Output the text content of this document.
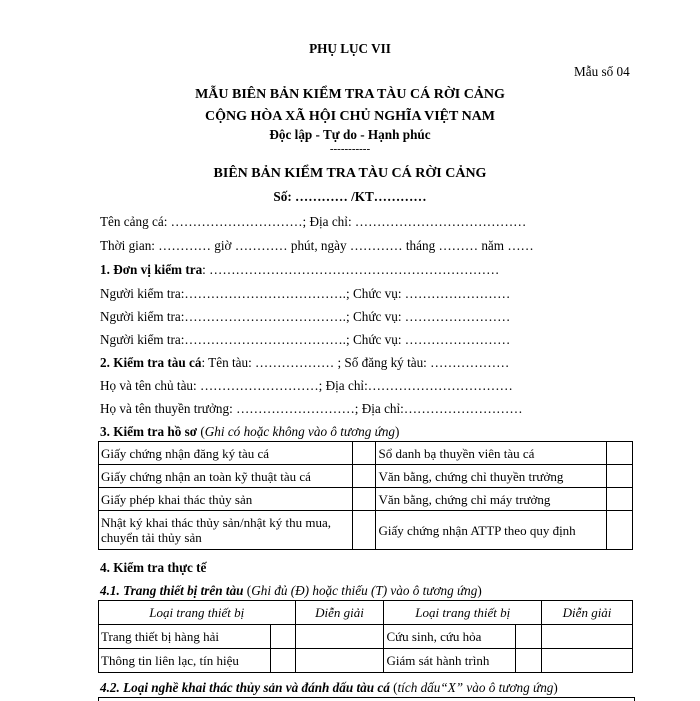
PHỤ LỤC VII
Mẫu số 04
MẪU BIÊN BẢN KIỂM TRA TÀU CÁ RỜI CẢNG
CỘNG HÒA XÃ HỘI CHỦ NGHĨA VIỆT NAM
Độc lập - Tự do - Hạnh phúc
-----------
BIÊN BẢN KIỂM TRA TÀU CÁ RỜI CẢNG
Số: ………… /KT…………
Tên cảng cá: …………………………; Địa chỉ: …………………………………
Thời gian: ………… giờ ………… phút, ngày ………… tháng ……… năm ……
1. Đơn vị kiểm tra: …………………………………………………………
Người kiểm tra:……………………………….; Chức vụ: ……………………
Người kiểm tra:……………………………….; Chức vụ: ……………………
Người kiểm tra:……………………………….; Chức vụ: ……………………
2. Kiểm tra tàu cá: Tên tàu: ……………… ; Số đăng ký tàu: ………………
Họ và tên chủ tàu: ………………………; Địa chỉ:……………………………
Họ và tên thuyền trưởng: ………………………; Địa chỉ:………………………
3. Kiểm tra hồ sơ (Ghi có hoặc không vào ô tương ứng)
Giấy chứng nhận đăng ký tàu cá		Sổ danh bạ thuyền viên tàu cá	
Giấy chứng nhận an toàn kỹ thuật tàu cá		Văn bằng, chứng chỉ thuyền trưởng	
Giấy phép khai thác thủy sản		Văn bằng, chứng chỉ máy trưởng	
Nhật ký khai thác thủy sản/nhật ký thu mua, chuyển tải thủy sản		Giấy chứng nhận ATTP theo quy định	
4. Kiểm tra thực tế
4.1. Trang thiết bị trên tàu (Ghi đủ (Đ) hoặc thiếu (T) vào ô tương ứng)
Loại trang thiết bị		Diễn giải	Loại trang thiết bị		Diễn giải
Trang thiết bị hàng hải			Cứu sinh, cứu hỏa		
Thông tin liên lạc, tín hiệu			Giám sát hành trình		
4.2. Loại nghề khai thác thủy sản và đánh dấu tàu cá (tích dấu“X” vào ô tương ứng)
